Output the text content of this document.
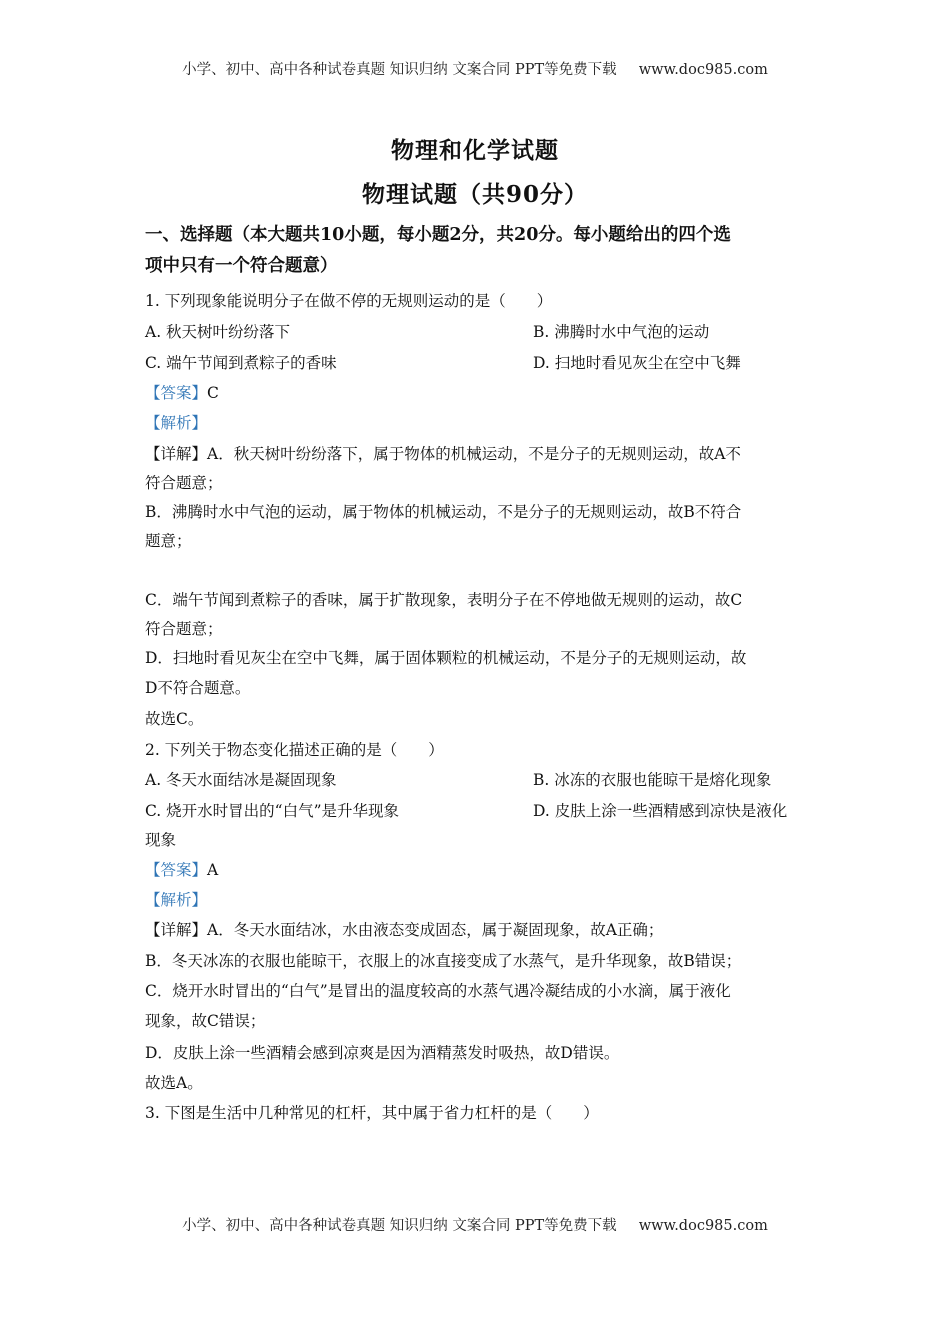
小学、初中、高中各种试卷真题 知识归纳 文案合同 PPT等免费下载 www.doc985.com
物理和化学试题
物理试题（共90分）
一、选择题（本大题共10小题，每小题2分，共20分。每小题给出的四个选
项中只有一个符合题意）
1. 下列现象能说明分子在做不停的无规则运动的是（　　）
A. 秋天树叶纷纷落下	B. 沸腾时水中气泡的运动
C. 端午节闻到煮粽子的香味	D. 扫地时看见灰尘在空中飞舞
【答案】C
【解析】
【详解】A．秋天树叶纷纷落下，属于物体的机械运动，不是分子的无规则运动，故A不
符合题意；
B．沸腾时水中气泡的运动，属于物体的机械运动，不是分子的无规则运动，故B不符合
题意；
C．端午节闻到煮粽子的香味，属于扩散现象，表明分子在不停地做无规则的运动，故C
符合题意；
D．扫地时看见灰尘在空中飞舞，属于固体颗粒的机械运动，不是分子的无规则运动，故
D不符合题意。
故选C。
2. 下列关于物态变化描述正确的是（　　）
A. 冬天水面结冰是凝固现象	B. 冰冻的衣服也能晾干是熔化现象
C. 烧开水时冒出的“白气”是升华现象	D. 皮肤上涂一些酒精感到凉快是液化
现象
【答案】A
【解析】
【详解】A．冬天水面结冰，水由液态变成固态，属于凝固现象，故A正确；
B．冬天冰冻的衣服也能晾干，衣服上的冰直接变成了水蒸气，是升华现象，故B错误；
C．烧开水时冒出的“白气”是冒出的温度较高的水蒸气遇冷凝结成的小水滴，属于液化
现象，故C错误；
D．皮肤上涂一些酒精会感到凉爽是因为酒精蒸发时吸热，故D错误。
故选A。
3. 下图是生活中几种常见的杠杆，其中属于省力杠杆的是（　　）
小学、初中、高中各种试卷真题 知识归纳 文案合同 PPT等免费下载 www.doc985.com
